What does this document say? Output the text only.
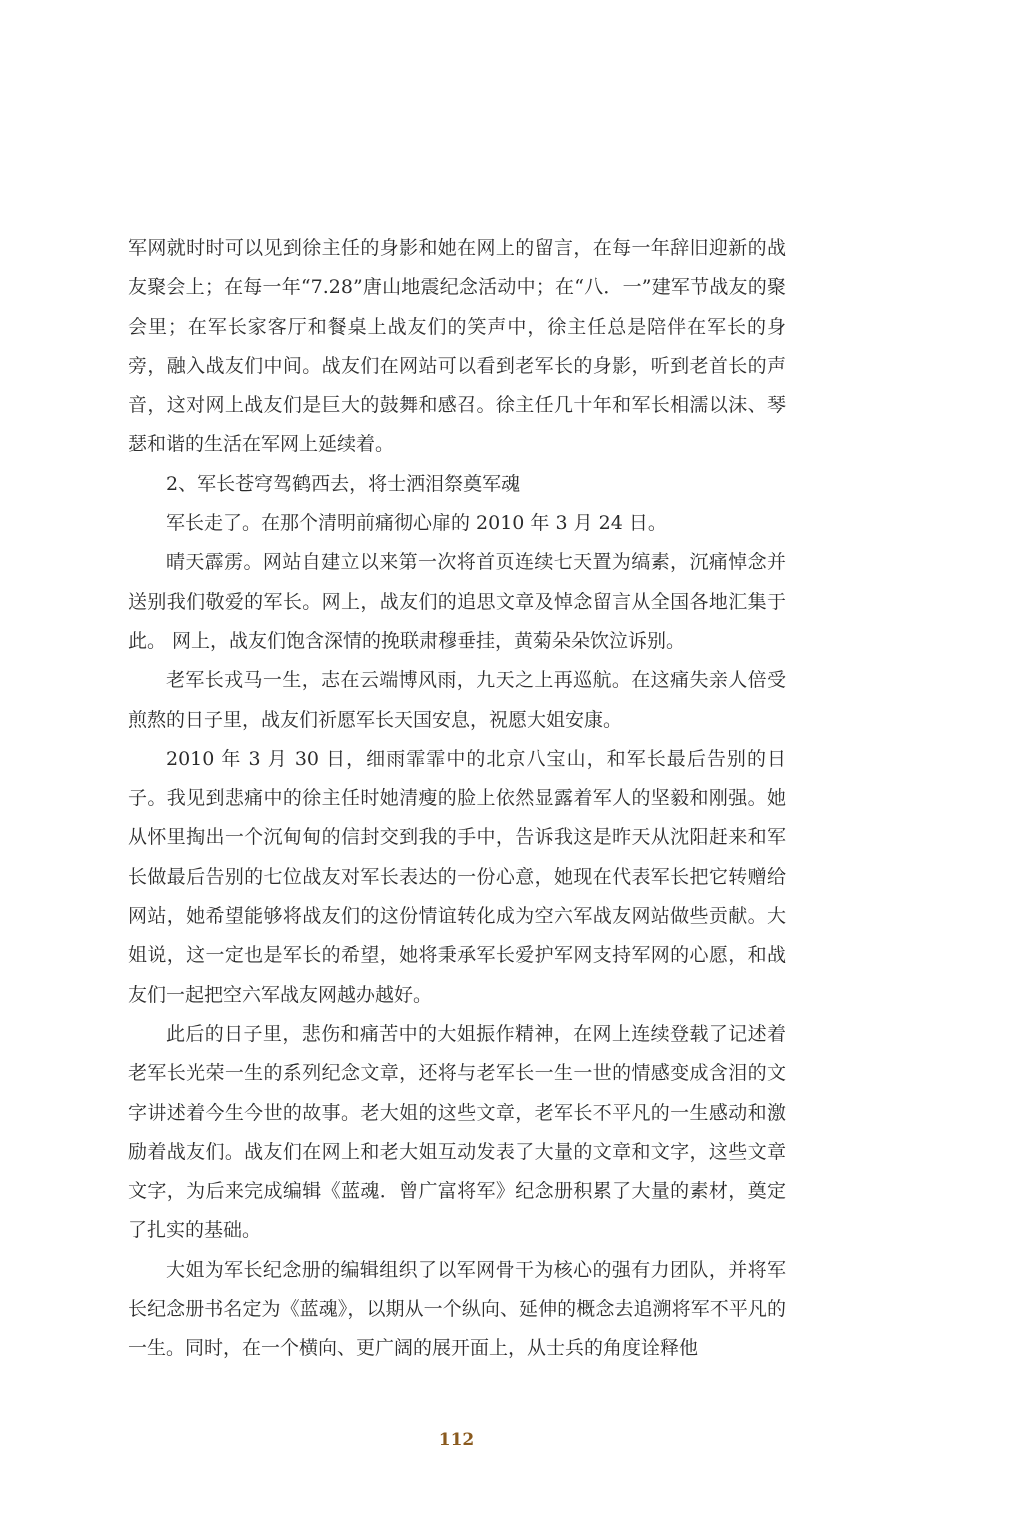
军网就时时可以见到徐主任的身影和她在网上的留言，在每一年辞旧迎新的战友聚会上；在每一年“7.28”唐山地震纪念活动中；在“八．一”建军节战友的聚会里；在军长家客厅和餐桌上战友们的笑声中，徐主任总是陪伴在军长的身旁，融入战友们中间。战友们在网站可以看到老军长的身影，听到老首长的声音，这对网上战友们是巨大的鼓舞和感召。徐主任几十年和军长相濡以沫、琴瑟和谐的生活在军网上延续着。

2、军长苍穹驾鹤西去，将士洒泪祭奠军魂

军长走了。在那个清明前痛彻心扉的 2010 年 3 月 24 日。

晴天霹雳。网站自建立以来第一次将首页连续七天置为缟素，沉痛悼念并送别我们敬爱的军长。网上，战友们的追思文章及悼念留言从全国各地汇集于此。 网上，战友们饱含深情的挽联肃穆垂挂，黄菊朵朵饮泣诉别。

老军长戎马一生，志在云端博风雨，九天之上再巡航。在这痛失亲人倍受煎熬的日子里，战友们祈愿军长天国安息，祝愿大姐安康。

2010 年 3 月 30 日，细雨霏霏中的北京八宝山，和军长最后告别的日子。我见到悲痛中的徐主任时她清瘦的脸上依然显露着军人的坚毅和刚强。她从怀里掏出一个沉甸甸的信封交到我的手中，告诉我这是昨天从沈阳赶来和军长做最后告别的七位战友对军长表达的一份心意，她现在代表军长把它转赠给网站，她希望能够将战友们的这份情谊转化成为空六军战友网站做些贡献。大姐说，这一定也是军长的希望，她将秉承军长爱护军网支持军网的心愿，和战友们一起把空六军战友网越办越好。

此后的日子里，悲伤和痛苦中的大姐振作精神，在网上连续登载了记述着老军长光荣一生的系列纪念文章，还将与老军长一生一世的情感变成含泪的文字讲述着今生今世的故事。老大姐的这些文章，老军长不平凡的一生感动和激励着战友们。战友们在网上和老大姐互动发表了大量的文章和文字，这些文章文字，为后来完成编辑《蓝魂．曾广富将军》纪念册积累了大量的素材，奠定了扎实的基础。

大姐为军长纪念册的编辑组织了以军网骨干为核心的强有力团队，并将军长纪念册书名定为《蓝魂》，以期从一个纵向、延伸的概念去追溯将军不平凡的一生。同时，在一个横向、更广阔的展开面上，从士兵的角度诠释他

112
